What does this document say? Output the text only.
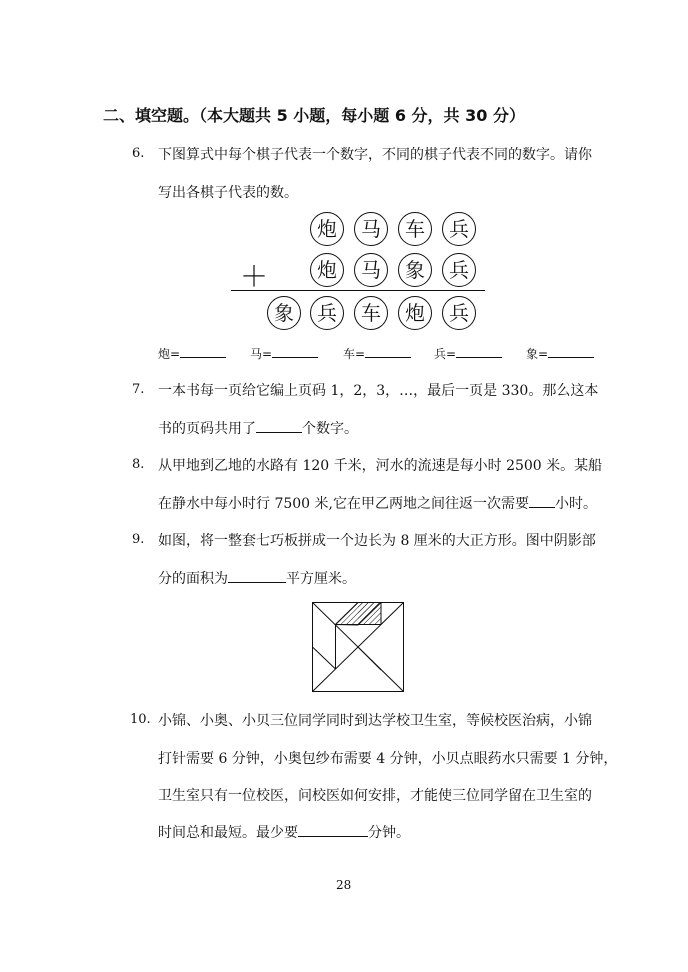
二、填空题。（本大题共 5 小题，每小题 6 分，共 30 分）
6. 下图算式中每个棋子代表一个数字，不同的棋子代表不同的数字。请你
写出各棋子代表的数。
炮	马	车	兵
＋	炮	马	象	兵
象	兵	车	炮	兵
炮=	马=	车=	兵=	象=
7. 一本书每一页给它编上页码 1，2，3，…，最后一页是 330。那么这本
书的页码共用了	个数字。
8. 从甲地到乙地的水路有 120 千米，河水的流速是每小时 2500 米。某船
在静水中每小时行 7500 米,它在甲乙两地之间往返一次需要 小时。
9. 如图，将一整套七巧板拼成一个边长为 8 厘米的大正方形。图中阴影部
分的面积为	平方厘米。
10. 小锦、小奥、小贝三位同学同时到达学校卫生室，等候校医治病，小锦
打针需要 6 分钟，小奥包纱布需要 4 分钟，小贝点眼药水只需要 1 分钟，
卫生室只有一位校医，问校医如何安排，才能使三位同学留在卫生室的
时间总和最短。最少要	分钟。
28
